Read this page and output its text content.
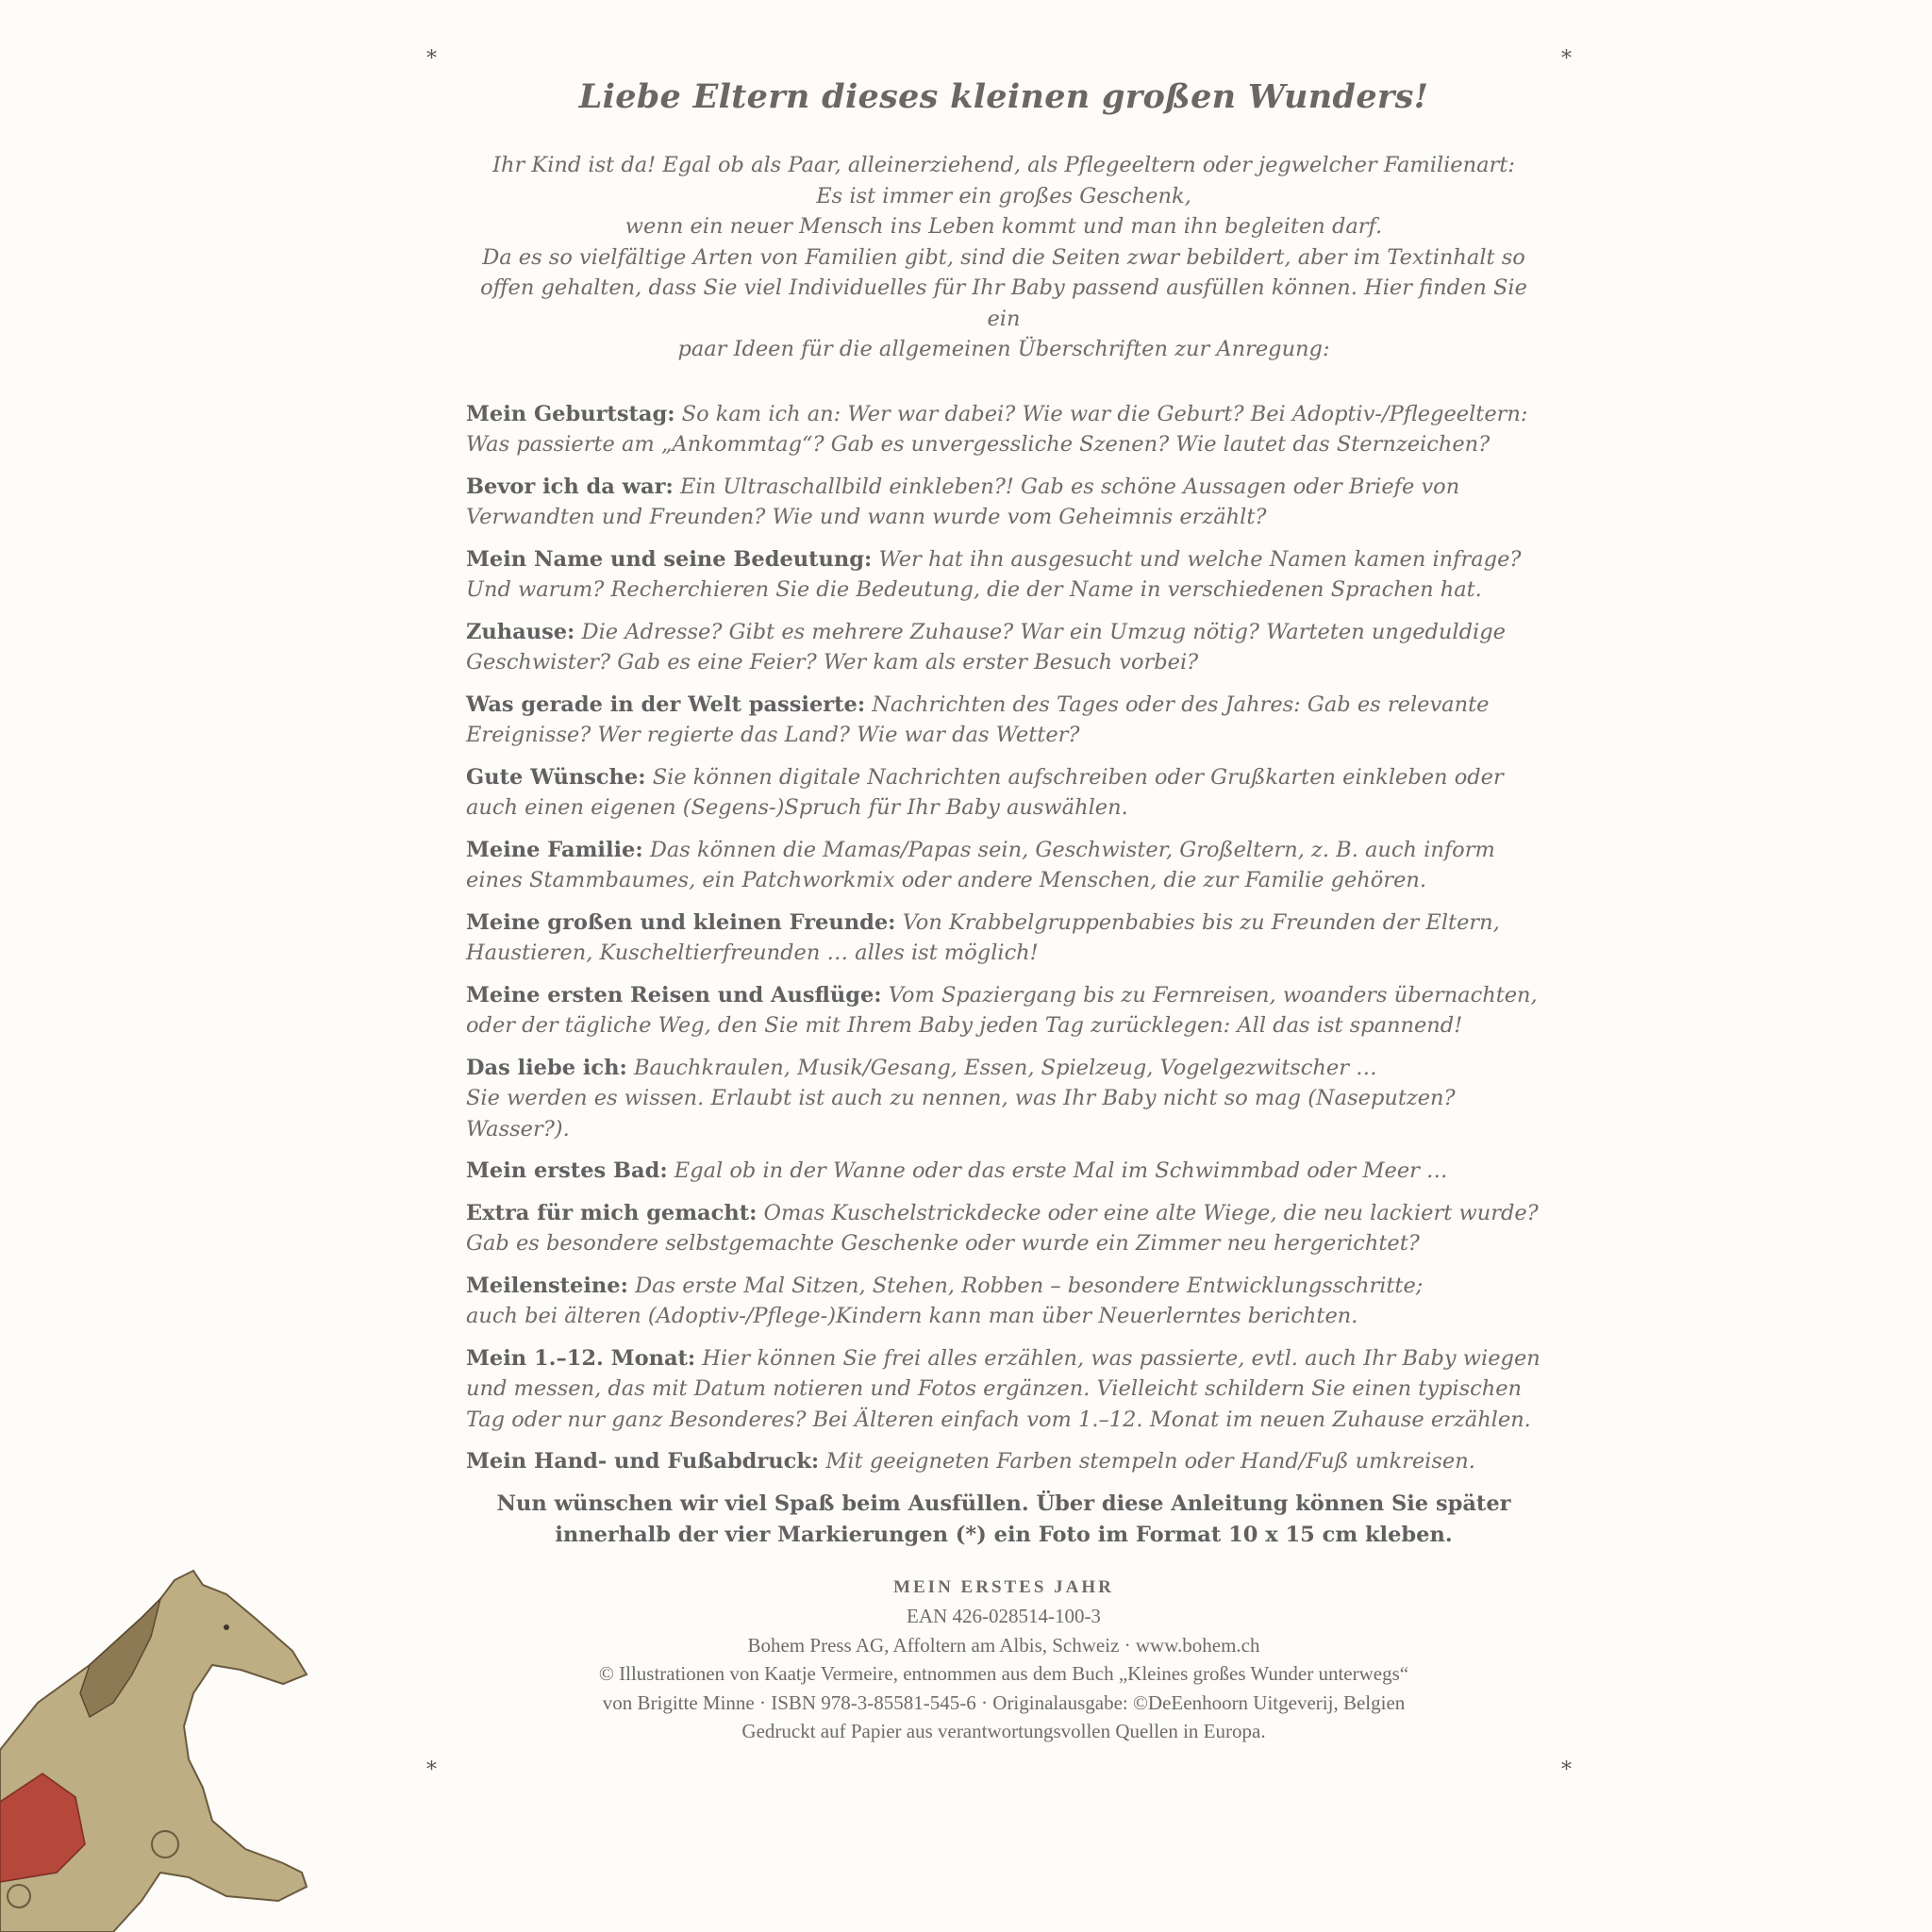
*	*
*	*
Liebe Eltern dieses kleinen großen Wunders!
Ihr Kind ist da! Egal ob als Paar, alleinerziehend, als Pflegeeltern oder jegwelcher Familienart:
Es ist immer ein großes Geschenk,
wenn ein neuer Mensch ins Leben kommt und man ihn begleiten darf.
Da es so vielfältige Arten von Familien gibt, sind die Seiten zwar bebildert, aber im Textinhalt so
offen gehalten, dass Sie viel Individuelles für Ihr Baby passend ausfüllen können. Hier finden Sie ein
paar Ideen für die allgemeinen Überschriften zur Anregung:
Mein Geburtstag: So kam ich an: Wer war dabei? Wie war die Geburt? Bei Adoptiv-/Pflegeeltern:
Was passierte am „Ankommtag“? Gab es unvergessliche Szenen? Wie lautet das Sternzeichen?
Bevor ich da war: Ein Ultraschallbild einkleben?! Gab es schöne Aussagen oder Briefe von
Verwandten und Freunden? Wie und wann wurde vom Geheimnis erzählt?
Mein Name und seine Bedeutung: Wer hat ihn ausgesucht und welche Namen kamen infrage?
Und warum? Recherchieren Sie die Bedeutung, die der Name in verschiedenen Sprachen hat.
Zuhause: Die Adresse? Gibt es mehrere Zuhause? War ein Umzug nötig? Warteten ungeduldige
Geschwister? Gab es eine Feier? Wer kam als erster Besuch vorbei?
Was gerade in der Welt passierte: Nachrichten des Tages oder des Jahres: Gab es relevante
Ereignisse? Wer regierte das Land? Wie war das Wetter?
Gute Wünsche: Sie können digitale Nachrichten aufschreiben oder Grußkarten einkleben oder
auch einen eigenen (Segens-)Spruch für Ihr Baby auswählen.
Meine Familie: Das können die Mamas/Papas sein, Geschwister, Großeltern, z. B. auch inform
eines Stammbaumes, ein Patchworkmix oder andere Menschen, die zur Familie gehören.
Meine großen und kleinen Freunde: Von Krabbelgruppenbabies bis zu Freunden der Eltern,
Haustieren, Kuscheltierfreunden … alles ist möglich!
Meine ersten Reisen und Ausflüge: Vom Spaziergang bis zu Fernreisen, woanders übernachten,
oder der tägliche Weg, den Sie mit Ihrem Baby jeden Tag zurücklegen: All das ist spannend!
Das liebe ich: Bauchkraulen, Musik/Gesang, Essen, Spielzeug, Vogelgezwitscher …
Sie werden es wissen. Erlaubt ist auch zu nennen, was Ihr Baby nicht so mag (Naseputzen? Wasser?).
Mein erstes Bad: Egal ob in der Wanne oder das erste Mal im Schwimmbad oder Meer …
Extra für mich gemacht: Omas Kuschelstrickdecke oder eine alte Wiege, die neu lackiert wurde?
Gab es besondere selbstgemachte Geschenke oder wurde ein Zimmer neu hergerichtet?
Meilensteine: Das erste Mal Sitzen, Stehen, Robben – besondere Entwicklungsschritte;
auch bei älteren (Adoptiv-/Pflege-)Kindern kann man über Neuerlerntes berichten.
Mein 1.–12. Monat: Hier können Sie frei alles erzählen, was passierte, evtl. auch Ihr Baby wiegen
und messen, das mit Datum notieren und Fotos ergänzen. Vielleicht schildern Sie einen typischen
Tag oder nur ganz Besonderes? Bei Älteren einfach vom 1.–12. Monat im neuen Zuhause erzählen.
Mein Hand- und Fußabdruck: Mit geeigneten Farben stempeln oder Hand/Fuß umkreisen.
Nun wünschen wir viel Spaß beim Ausfüllen. Über diese Anleitung können Sie später
innerhalb der vier Markierungen (*) ein Foto im Format 10 x 15 cm kleben.
MEIN ERSTES JAHR
EAN 426-028514-100-3
Bohem Press AG, Affoltern am Albis, Schweiz · www.bohem.ch
© Illustrationen von Kaatje Vermeire, entnommen aus dem Buch „Kleines großes Wunder unterwegs“
von Brigitte Minne · ISBN 978-3-85581-545-6 · Originalausgabe: ©DeEenhoorn Uitgeverij, Belgien
Gedruckt auf Papier aus verantwortungsvollen Quellen in Europa.
